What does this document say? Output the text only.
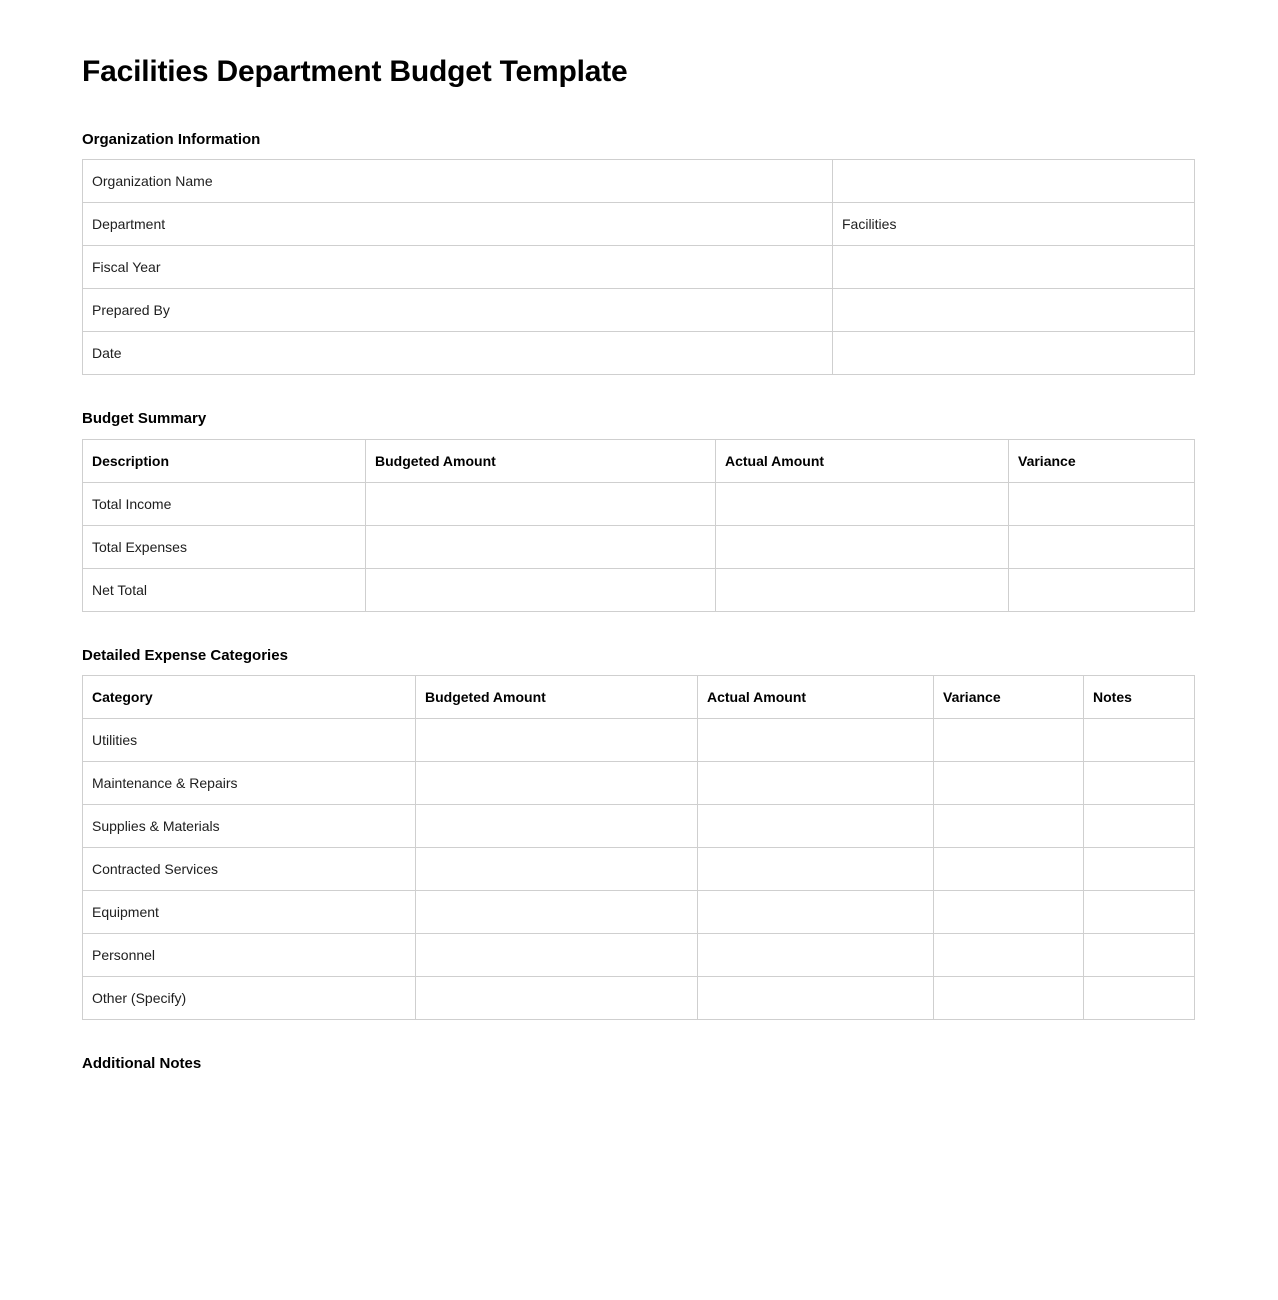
Facilities Department Budget Template
Organization Information
Organization Name	
Department	Facilities
Fiscal Year	
Prepared By	
Date	
Budget Summary
Description	Budgeted Amount	Actual Amount	Variance
Total Income			
Total Expenses			
Net Total			
Detailed Expense Categories
Category	Budgeted Amount	Actual Amount	Variance	Notes
Utilities				
Maintenance & Repairs				
Supplies & Materials				
Contracted Services				
Equipment				
Personnel				
Other (Specify)				
Additional Notes
